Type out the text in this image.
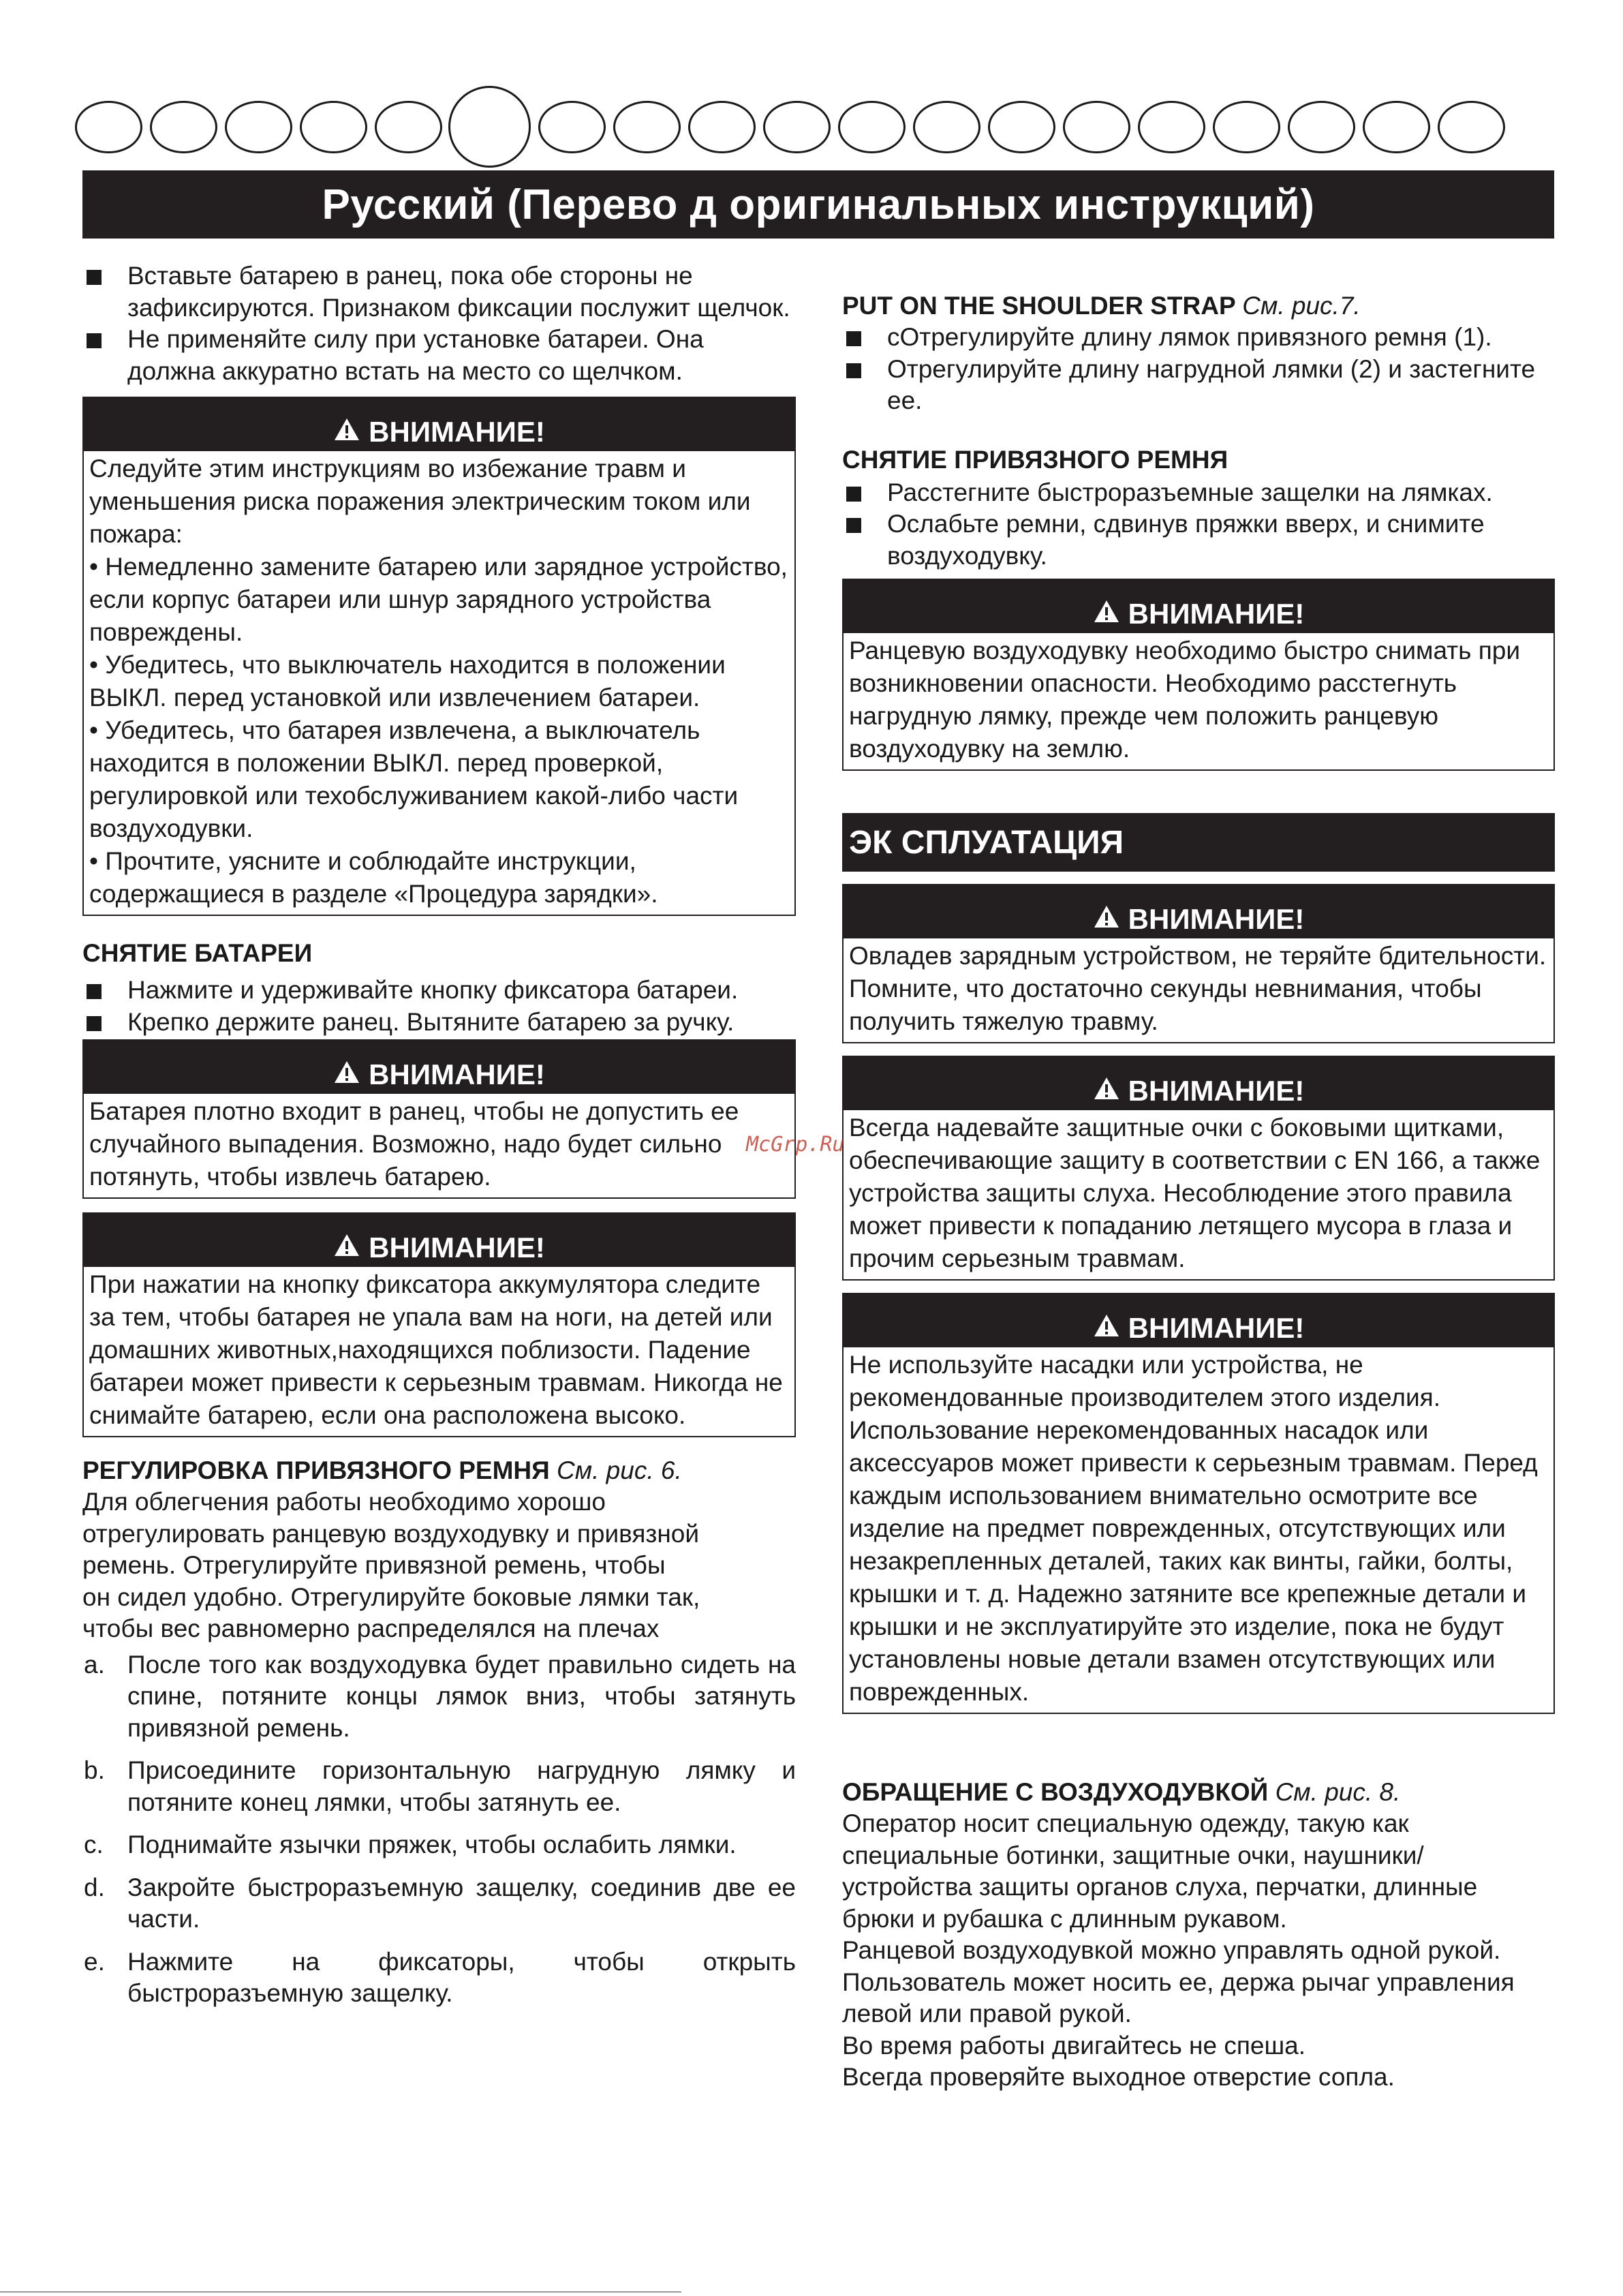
Русский (Перево д оригинальных инструкций)
Вставьте батарею в ранец, пока обе стороны не зафиксируются. Признаком фиксации послужит щелчок.
Не применяйте силу при установке батареи. Она должна аккуратно встать на место со щелчком.
ВНИМАНИЕ!
Следуйте этим инструкциям во избежание травм и уменьшения риска поражения электрическим током или пожара:
• Немедленно замените батарею или зарядное устройство, если корпус батареи или шнур зарядного устройства повреждены.
• Убедитесь, что выключатель находится в положении ВЫКЛ. перед установкой или извлечением батареи.
• Убедитесь, что батарея извлечена, а выключатель находится в положении ВЫКЛ. перед проверкой, регулировкой или техобслуживанием какой-либо части воздуходувки.
• Прочтите, уясните и соблюдайте инструкции, содержащиеся в разделе «Процедура зарядки».
СНЯТИЕ БАТАРЕИ
Нажмите и удерживайте кнопку фиксатора батареи.
Крепко держите ранец. Вытяните батарею за ручку.
ВНИМАНИЕ!
Батарея плотно входит в ранец, чтобы не допустить ее случайного выпадения. Возможно, надо будет сильно потянуть, чтобы извлечь батарею.
ВНИМАНИЕ!
При нажатии на кнопку фиксатора аккумулятора следите за тем, чтобы батарея не упала вам на ноги, на детей или домашних животных,находящихся поблизости. Падение батареи может привести к серьезным травмам. Никогда не снимайте батарею, если она расположена высоко.
РЕГУЛИРОВКА ПРИВЯЗНОГО РЕМНЯ См. рис. 6.
Для облегчения работы необходимо хорошо
отрегулировать ранцевую воздуходувку и привязной
ремень. Отрегулируйте привязной ремень, чтобы
он сидел удобно. Отрегулируйте боковые лямки так,
чтобы вес равномерно распределялся на плечах
a. После того как воздуходувка будет правильно сидеть на спине, потяните концы лямок вниз, чтобы затянуть привязной ремень.
b. Присоедините горизонтальную нагрудную лямку и потяните конец лямки, чтобы затянуть ее.
c. Поднимайте язычки пряжек, чтобы ослабить лямки.
d. Закройте быстроразъемную защелку, соединив две ее части.
e. Нажмите на фиксаторы, чтобы открыть быстроразъемную защелку.
PUT ON THE SHOULDER STRAP См. рис.7.
сОтрегулируйте длину лямок привязного ремня (1).
Отрегулируйте длину нагрудной лямки (2) и застегните ее.
СНЯТИЕ ПРИВЯЗНОГО РЕМНЯ
Расстегните быстроразъемные защелки на лямках.
Ослабьте ремни, сдвинув пряжки вверх, и снимите воздуходувку.
ВНИМАНИЕ!
Ранцевую воздуходувку необходимо быстро снимать при возникновении опасности. Необходимо расстегнуть нагрудную лямку, прежде чем положить ранцевую воздуходувку на землю.
ЭК СПЛУАТАЦИЯ
ВНИМАНИЕ!
Овладев зарядным устройством, не теряйте бдительности. Помните, что достаточно секунды невнимания, чтобы получить тяжелую травму.
ВНИМАНИЕ!
Всегда надевайте защитные очки с боковыми щитками, обеспечивающие защиту в соответствии с EN 166, а также устройства защиты слуха. Несоблюдение этого правила может привести к попаданию летящего мусора в глаза и прочим серьезным травмам.
ВНИМАНИЕ!
Не используйте насадки или устройства, не рекомендованные производителем этого изделия. Использование нерекомендованных насадок или аксессуаров может привести к серьезным травмам. Перед каждым использованием внимательно осмотрите все изделие на предмет поврежденных, отсутствующих или незакрепленных деталей, таких как винты, гайки, болты, крышки и т. д. Надежно затяните все крепежные детали и крышки и не эксплуатируйте это изделие, пока не будут установлены новые детали взамен отсутствующих или поврежденных.
ОБРАЩЕНИЕ С ВОЗДУХОДУВКОЙ См. рис. 8.
Оператор носит специальную одежду, такую как специальные ботинки, защитные очки, наушники/ устройства защиты органов слуха, перчатки, длинные брюки и рубашка с длинным рукавом.
Ранцевой воздуходувкой можно управлять одной рукой.
Пользователь может носить ее, держа рычаг управления левой или правой рукой.
Во время работы двигайтесь не спеша.
Всегда проверяйте выходное отверстие сопла.
McGrp.Ru
